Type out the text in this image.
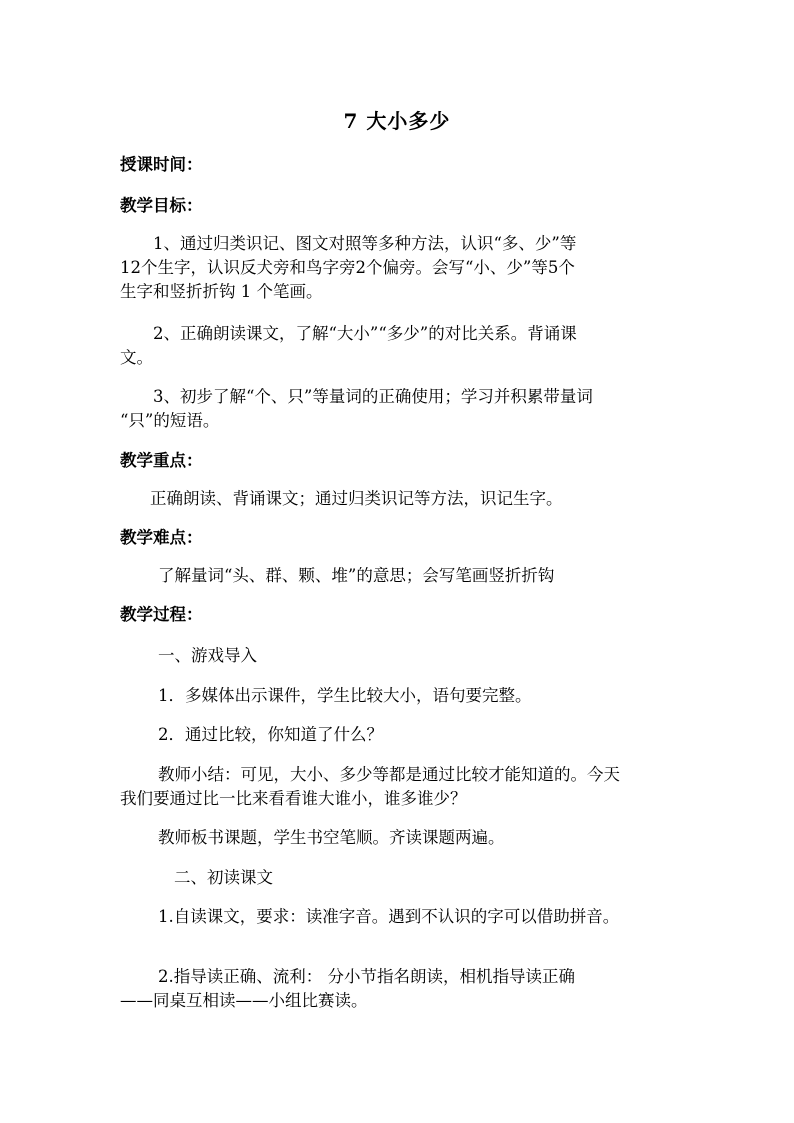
7 大小多少
授课时间：
教学目标：
1、通过归类识记、图文对照等多种方法，认识“多、少”等
12个生字，认识反犬旁和鸟字旁2个偏旁。会写“小、少”等5个
生字和竖折折钩 1 个笔画。
2、正确朗读课文，了解“大小”“多少”的对比关系。背诵课
文。
3、初步了解“个、只”等量词的正确使用；学习并积累带量词
“只”的短语。
教学重点：
正确朗读、背诵课文；通过归类识记等方法，识记生字。
教学难点：
了解量词“头、群、颗、堆”的意思；会写笔画竖折折钩
教学过程：
一、游戏导入
1．多媒体出示课件，学生比较大小，语句要完整。
2．通过比较，你知道了什么？
教师小结：可见，大小、多少等都是通过比较才能知道的。今天
我们要通过比一比来看看谁大谁小，谁多谁少？
教师板书课题，学生书空笔顺。齐读课题两遍。
二、初读课文
1.自读课文，要求：读准字音。遇到不认识的字可以借助拼音。
2.指导读正确、流利： 分小节指名朗读，相机指导读正确
——同桌互相读——小组比赛读。
